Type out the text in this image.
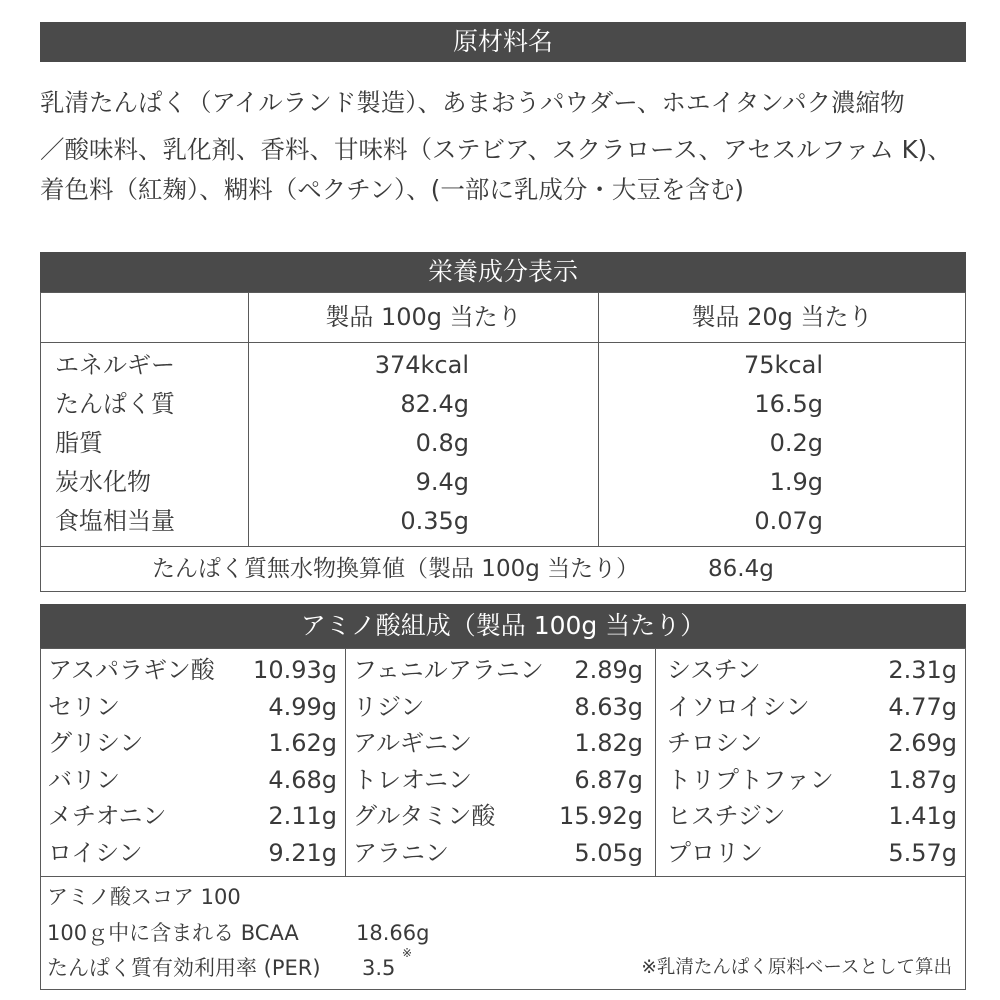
原材料名
乳清たんぱく（アイルランド製造）、あまおうパウダー、ホエイタンパク濃縮物
／酸味料、乳化剤、香料、甘味料（ステビア、スクラロース、アセスルファム K)、
着色料（紅麹）、糊料（ペクチン）、(一部に乳成分・大豆を含む)
栄養成分表示
製品 100g 当たり	製品 20g 当たり
エネルギー	374kcal	75kcal
たんぱく質	82.4g	16.5g
脂質	0.8g	0.2g
炭水化物	9.4g	1.9g
食塩相当量	0.35g	0.07g
たんぱく質無水物換算値（製品 100g 当たり）	86.4g
アミノ酸組成（製品 100g 当たり）
アスパラギン酸	10.93g フェニルアラニン	2.89g シスチン	2.31g
セリン	4.99g リジン	8.63g イソロイシン	4.77g
グリシン	1.62g アルギニン	1.82g チロシン	2.69g
バリン	4.68g トレオニン	6.87g トリプトファン	1.87g
メチオニン	2.11g グルタミン酸	15.92g ヒスチジン	1.41g
ロイシン	9.21g アラニン	5.05g プロリン	5.57g
アミノ酸スコア 100
100ｇ中に含まれる BCAA	18.66g
たんぱく質有効利用率 (PER) 3.5
※
※乳清たんぱく原料ベースとして算出
